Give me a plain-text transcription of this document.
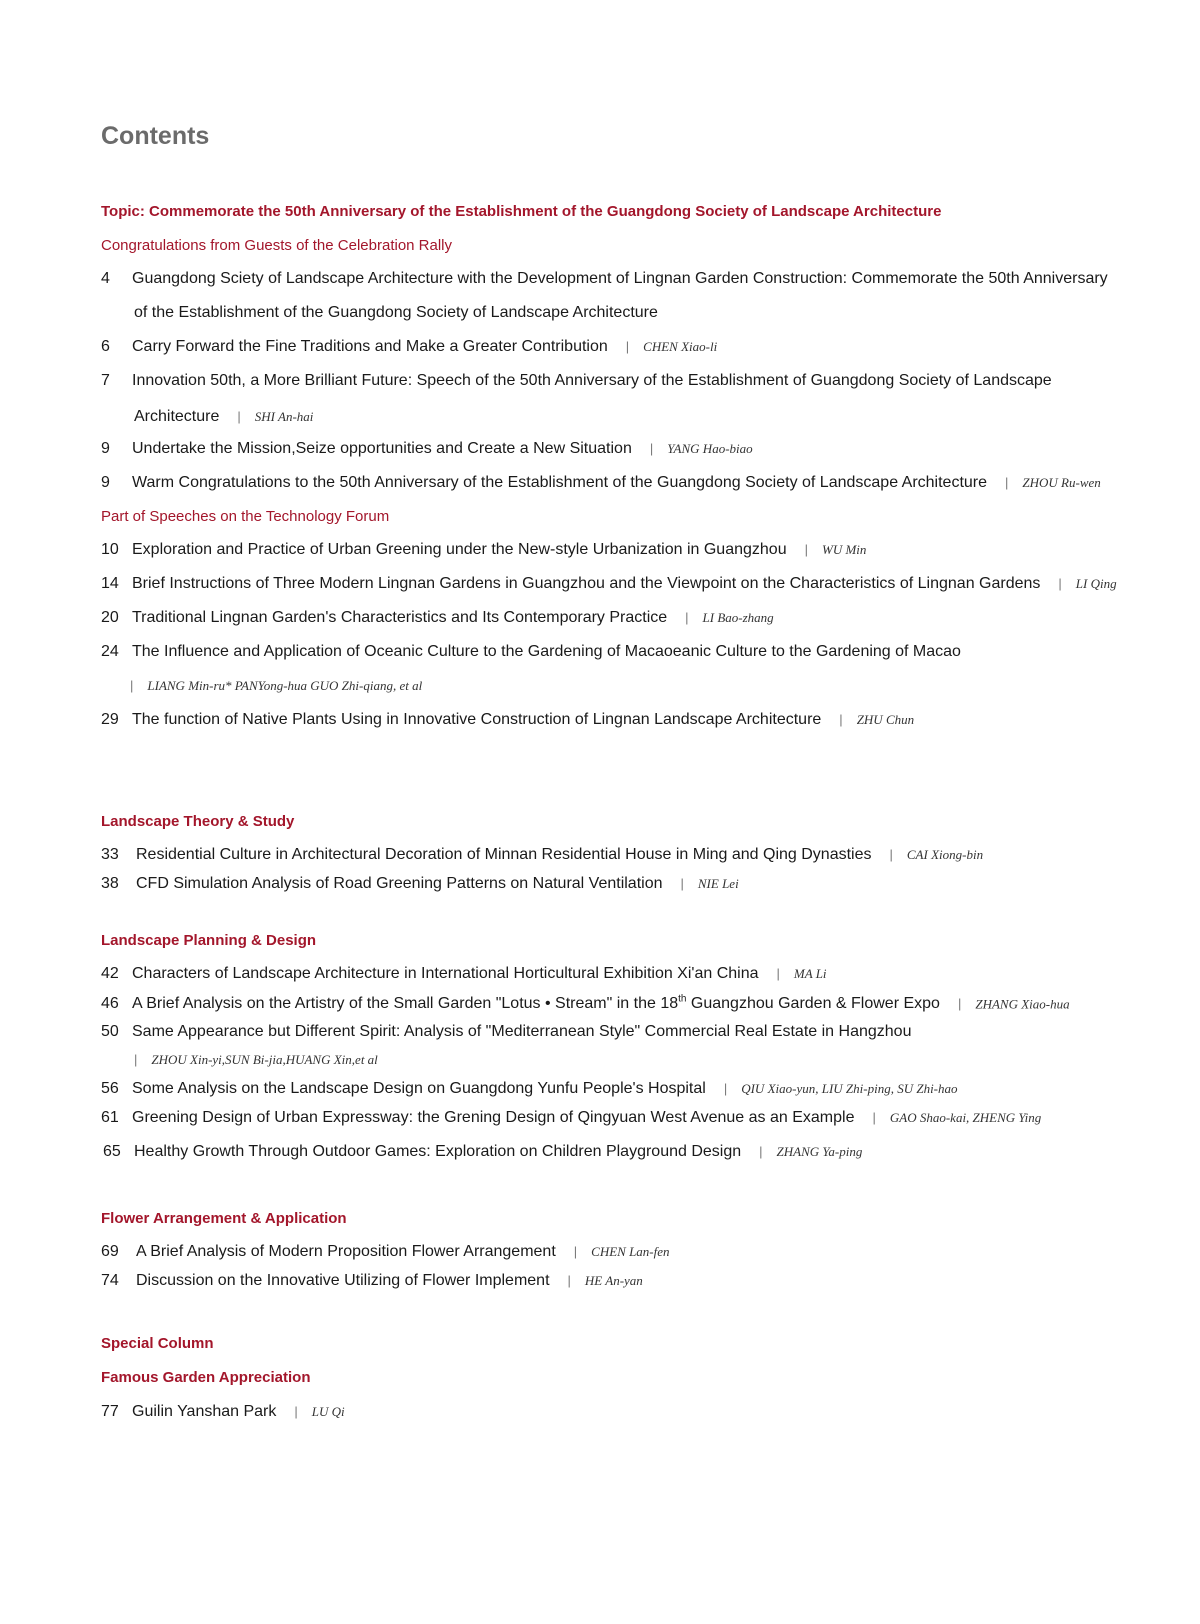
Contents
Topic: Commemorate the 50th Anniversary of the Establishment of the Guangdong Society of Landscape Architecture
Congratulations from Guests of the Celebration Rally
4 Guangdong Sciety of Landscape Architecture with the Development of Lingnan Garden Construction: Commemorate the 50th Anniversary
of the Establishment of the Guangdong Society of Landscape Architecture
6 Carry Forward the Fine Traditions and Make a Greater Contribution | CHEN Xiao-li
7 Innovation 50th, a More Brilliant Future: Speech of the 50th Anniversary of the Establishment of Guangdong Society of Landscape
Architecture | SHI An-hai
9 Undertake the Mission,Seize opportunities and Create a New Situation | YANG Hao-biao
9 Warm Congratulations to the 50th Anniversary of the Establishment of the Guangdong Society of Landscape Architecture | ZHOU Ru-wen
Part of Speeches on the Technology Forum
10 Exploration and Practice of Urban Greening under the New-style Urbanization in Guangzhou | WU Min
14 Brief Instructions of Three Modern Lingnan Gardens in Guangzhou and the Viewpoint on the Characteristics of Lingnan Gardens | LI Qing
20 Traditional Lingnan Garden's Characteristics and Its Contemporary Practice | LI Bao-zhang
24 The Influence and Application of Oceanic Culture to the Gardening of Macaoeanic Culture to the Gardening of Macao
| LIANG Min-ru* PANYong-hua GUO Zhi-qiang, et al
29 The function of Native Plants Using in Innovative Construction of Lingnan Landscape Architecture | ZHU Chun
Landscape Theory & Study
33 Residential Culture in Architectural Decoration of Minnan Residential House in Ming and Qing Dynasties | CAI Xiong-bin
38 CFD Simulation Analysis of Road Greening Patterns on Natural Ventilation | NIE Lei
Landscape Planning & Design
42 Characters of Landscape Architecture in International Horticultural Exhibition Xi'an China | MA Li
46 A Brief Analysis on the Artistry of the Small Garden "Lotus • Stream" in the 18th Guangzhou Garden & Flower Expo | ZHANG Xiao-hua
50 Same Appearance but Different Spirit: Analysis of "Mediterranean Style" Commercial Real Estate in Hangzhou
| ZHOU Xin-yi,SUN Bi-jia,HUANG Xin,et al
56 Some Analysis on the Landscape Design on Guangdong Yunfu People's Hospital | QIU Xiao-yun, LIU Zhi-ping, SU Zhi-hao
61 Greening Design of Urban Expressway: the Grening Design of Qingyuan West Avenue as an Example | GAO Shao-kai, ZHENG Ying
65 Healthy Growth Through Outdoor Games: Exploration on Children Playground Design | ZHANG Ya-ping
Flower Arrangement & Application
69 A Brief Analysis of Modern Proposition Flower Arrangement | CHEN Lan-fen
74 Discussion on the Innovative Utilizing of Flower Implement | HE An-yan
Special Column
Famous Garden Appreciation
77 Guilin Yanshan Park | LU Qi
